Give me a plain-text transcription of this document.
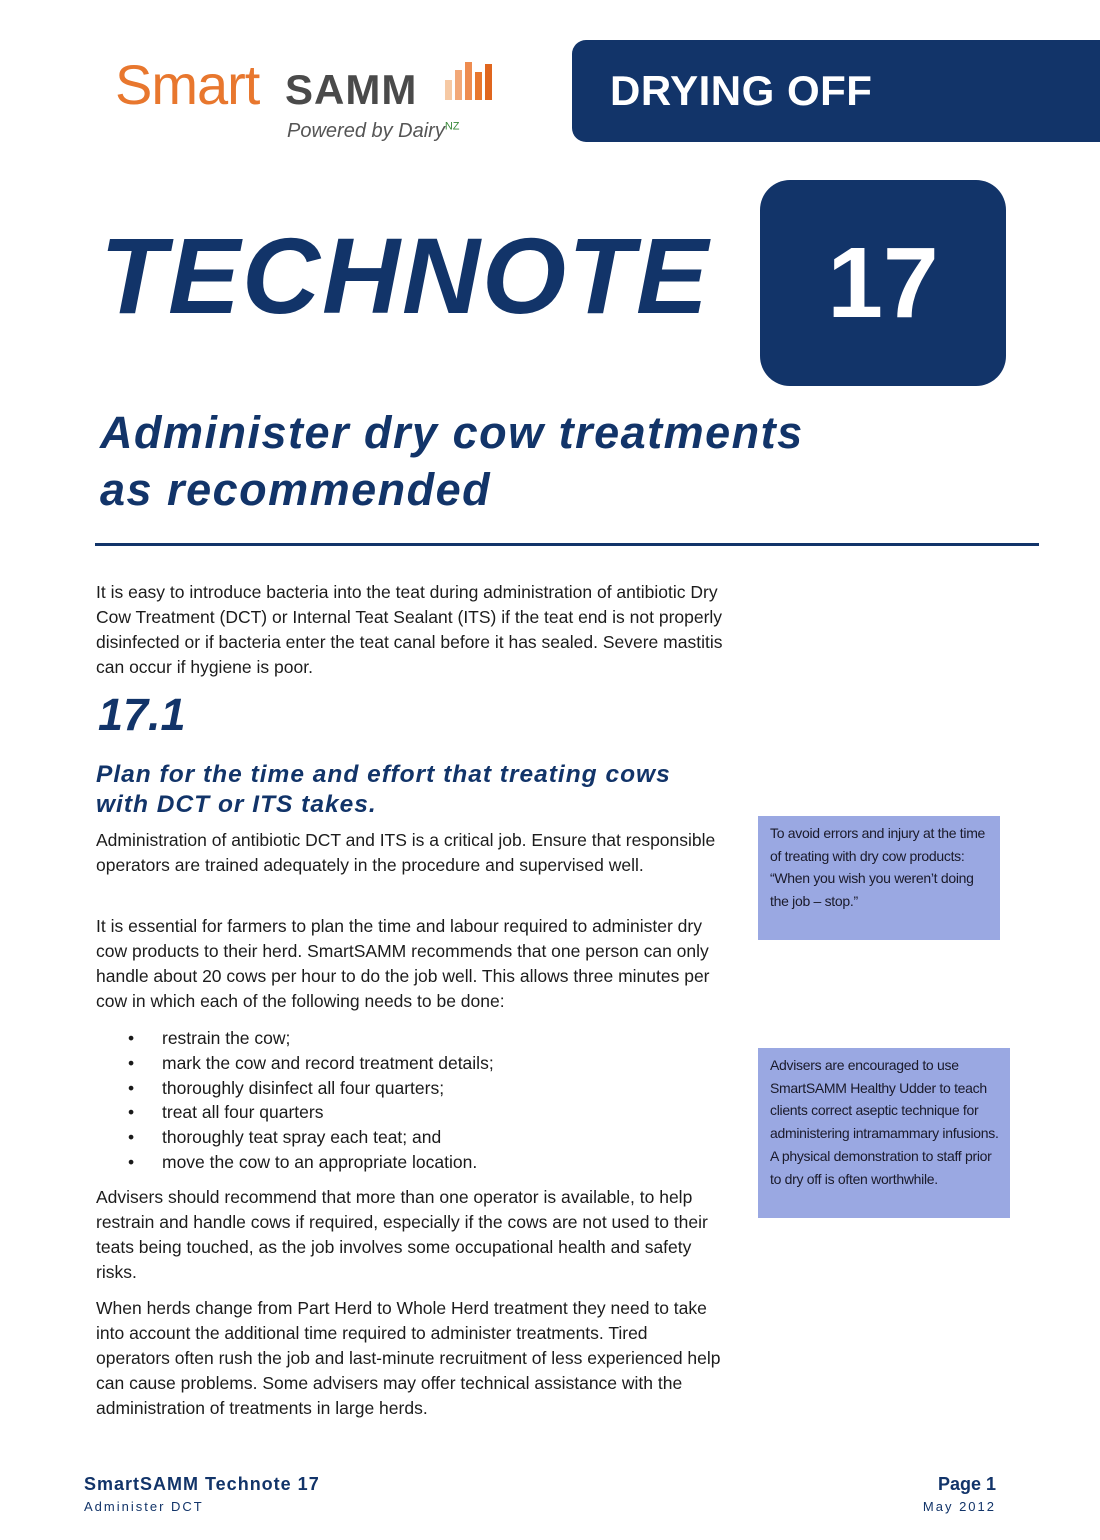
Smart SAMM
Powered by Dairy$^{NZ}$
DRYING OFF
TECHNOTE	17
Administer dry cow treatments
as recommended

It is easy to introduce bacteria into the teat during administration of antibiotic Dry Cow Treatment (DCT) or Internal Teat Sealant (ITS) if the teat end is not properly disinfected or if bacteria enter the teat canal before it has sealed. Severe mastitis can occur if hygiene is poor.

17.1
Plan for the time and effort that treating cows with DCT or ITS takes.

Administration of antibiotic DCT and ITS is a critical job. Ensure that responsible operators are trained adequately in the procedure and supervised well.

It is essential for farmers to plan the time and labour required to administer dry cow products to their herd. SmartSAMM recommends that one person can only handle about 20 cows per hour to do the job well. This allows three minutes per cow in which each of the following needs to be done:

• restrain the cow;
• mark the cow and record treatment details;
• thoroughly disinfect all four quarters;
• treat all four quarters
• thoroughly teat spray each teat; and
• move the cow to an appropriate location.

Advisers should recommend that more than one operator is available, to help restrain and handle cows if required, especially if the cows are not used to their teats being touched, as the job involves some occupational health and safety risks.

When herds change from Part Herd to Whole Herd treatment they need to take into account the additional time required to administer treatments. Tired operators often rush the job and last-minute recruitment of less experienced help can cause problems. Some advisers may offer technical assistance with the administration of treatments in large herds.

To avoid errors and injury at the time of treating with dry cow products:

“When you wish you weren’t doing the job – stop.”

Advisers are encouraged to use SmartSAMM Healthy Udder to teach clients correct aseptic technique for administering intramammary infusions. A physical demonstration to staff prior to dry off is often worthwhile.

SmartSAMM Technote 17

Administer DCT

Page 1

May 2012
